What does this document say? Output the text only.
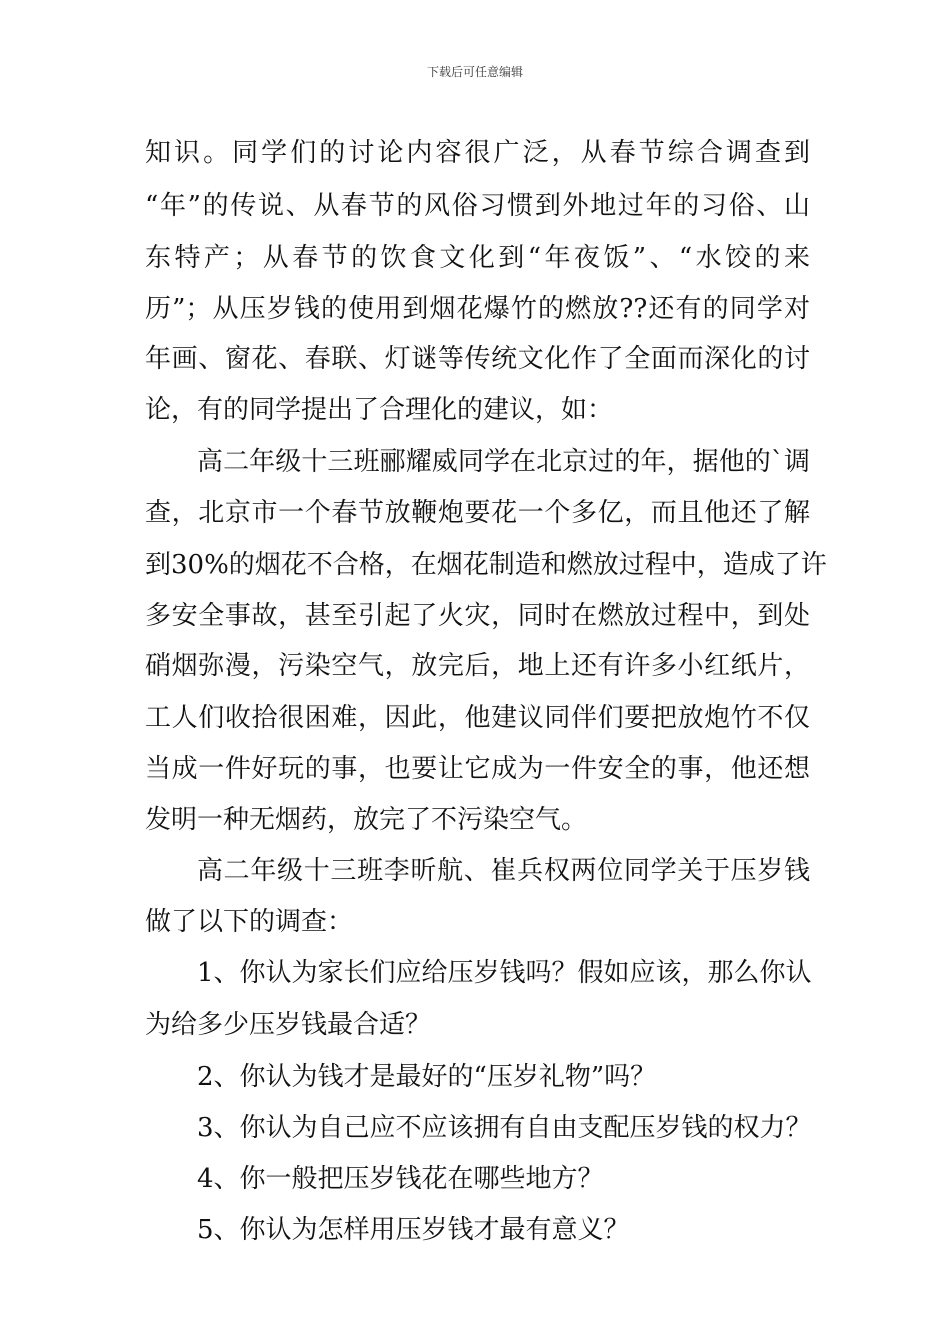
下载后可任意编辑
知识。同学们的讨论内容很广泛，从春节综合调查到
“年”的传说、从春节的风俗习惯到外地过年的习俗、山
东特产；从春节的饮食文化到“年夜饭”、“水饺的来
历”；从压岁钱的使用到烟花爆竹的燃放??还有的同学对
年画、窗花、春联、灯谜等传统文化作了全面而深化的讨
论，有的同学提出了合理化的建议，如：
高二年级十三班郦耀威同学在北京过的年，据他的`调
查，北京市一个春节放鞭炮要花一个多亿，而且他还了解
到30%的烟花不合格，在烟花制造和燃放过程中，造成了许
多安全事故，甚至引起了火灾，同时在燃放过程中，到处
硝烟弥漫，污染空气，放完后，地上还有许多小红纸片，
工人们收拾很困难，因此，他建议同伴们要把放炮竹不仅
当成一件好玩的事，也要让它成为一件安全的事，他还想
发明一种无烟药，放完了不污染空气。
高二年级十三班李昕航、崔兵权两位同学关于压岁钱
做了以下的调查：
1、你认为家长们应给压岁钱吗？假如应该，那么你认
为给多少压岁钱最合适？
2、你认为钱才是最好的“压岁礼物”吗？
3、你认为自己应不应该拥有自由支配压岁钱的权力？
4、你一般把压岁钱花在哪些地方？
5、你认为怎样用压岁钱才最有意义？
